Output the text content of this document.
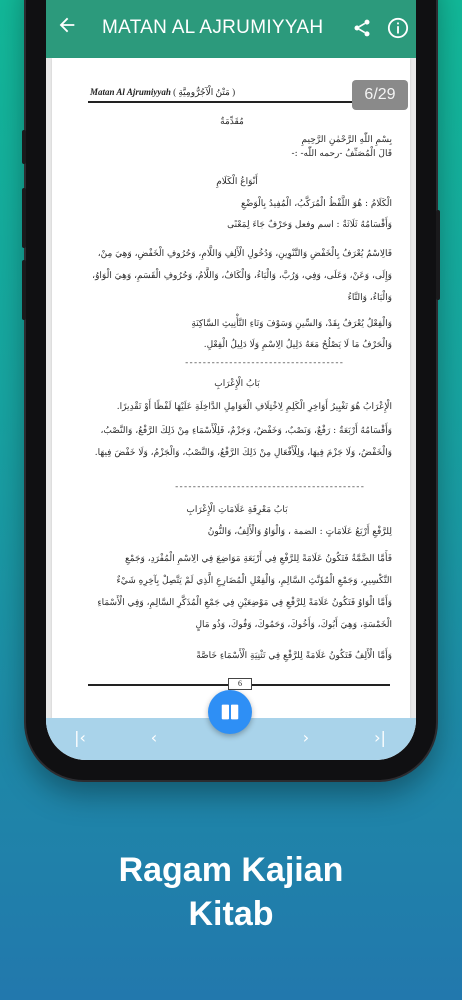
MATAN AL AJRUMIYYAH
Matan Al Ajrumiyyah ( مَتْنُ الْآجُرُّومِيَّةِ )	6/29
مُقَدِّمَةٌ
بِسْمِ اللّٰهِ الرَّحْمٰنِ الرَّحِيمِ
قَالَ الْمُصَنِّفُ -رحمه اللّٰه- :-
أَنْوَاعُ الْكَلَامِ
الْكَلَامُ : هُوَ اللَّفْظُ الْمُرَكَّبُ، الْمُفِيدُ بِالْوَضْعِ
وَأَقْسَامُهُ ثَلَاثَةٌ : اسم وفعل وَحَرْفٌ جَاءَ لِمَعْنًى
فَالِاسْمُ يُعْرَفُ بِالْخَفْضِ وَالتَّنْوِينِ، وَدُخُولِ الْأَلِفِ وَاللَّامِ، وَحُرُوفِ الْخَفْضِ، وَهِيَ مِنْ، وَإِلَى، وَعَنْ، وَعَلَى، وَفِي، وَرُبَّ، وَالْبَاءُ، وَالْكَافُ، وَاللَّامُ، وَحُرُوفِ الْقَسَمِ، وَهِيَ الْوَاوُ، وَالْبَاءُ، وَالتَّاءُ
وَالْفِعْلُ يُعْرَفُ بِقَدْ، وَالسِّينِ وَسَوْفَ وَتَاءِ التَّأْنِيثِ السَّاكِنَةِ
وَالْحَرْفُ مَا لَا يَصْلُحُ مَعَهُ دَلِيلُ الِاسْمِ وَلَا دَلِيلُ الْفِعْلِ.
------------------------------------
بَابُ الْإِعْرَابِ
الْإِعْرَابُ هُوَ تَغْيِيرُ أَوَاخِرِ الْكَلِمِ لِاخْتِلَافِ الْعَوَامِلِ الدَّاخِلَةِ عَلَيْهَا لَفْظًا أَوْ تَقْدِيرًا.
وَأَقْسَامُهُ أَرْبَعَةٌ : رَفْعٌ، وَنَصْبٌ، وَخَفْضٌ، وَجَزْمٌ، فَلِلْأَسْمَاءِ مِنْ ذَلِكَ الرَّفْعُ، وَالنَّصْبُ، وَالْخَفْضُ، وَلَا جَزْمَ فِيهَا، وَلِلْأَفْعَالِ مِنْ ذَلِكَ الرَّفْعُ، وَالنَّصْبُ، وَالْجَزْمُ، وَلَا خَفْضَ فِيهَا.
-------------------------------------------
بَابُ مَعْرِفَةِ عَلَامَاتِ الْإِعْرَابِ
لِلرَّفْعِ أَرْبَعُ عَلَامَاتٍ : الضمة ، وَالْوَاوُ وَالْأَلِفُ، وَالنُّونُ
فَأَمَّا الضَّمَّةُ فَتَكُونُ عَلَامَةً لِلرَّفْعِ فِي أَرْبَعَةِ مَوَاضِعَ فِي الِاسْمِ الْمُفْرَدِ، وَجَمْعِ التَّكْسِيرِ، وَجَمْعِ الْمُؤَنَّثِ السَّالِمِ، وَالْفِعْلِ الْمُضَارِعِ الَّذِي لَمْ يَتَّصِلْ بِآخِرِهِ شَيْءٌ
وَأَمَّا الْوَاوُ فَتَكُونُ عَلَامَةً لِلرَّفْعِ فِي مَوْضِعَيْنِ فِي جَمْعِ الْمُذَكَّرِ السَّالِمِ، وَفِي الْأَسْمَاءِ الْخَمْسَةِ، وَهِيَ أَبُوكَ، وَأَخُوكَ، وَحَمُوكَ، وَفُوكَ، وَذُو مَالٍ
وَأَمَّا الْأَلِفُ فَتَكُونُ عَلَامَةً لِلرَّفْعِ فِي تَثْنِيَةِ الْأَسْمَاءِ خَاصَّةً
6
|‹	‹	›	›|
Ragam Kajian
Kitab
